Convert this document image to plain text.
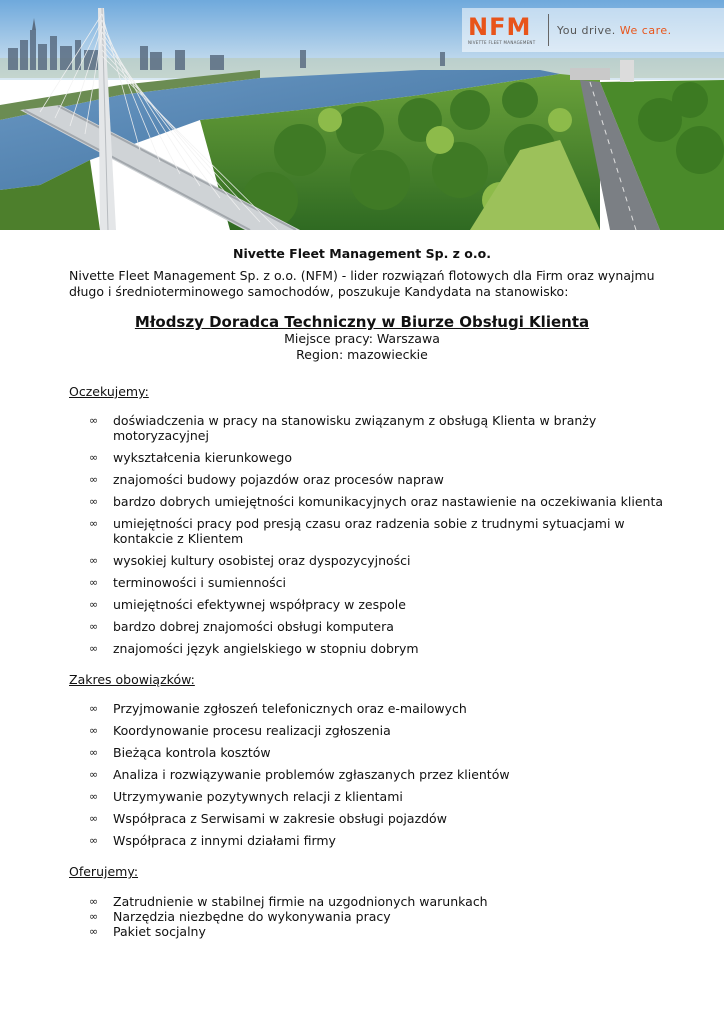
NFM
NIVETTE FLEET MANAGEMENT
You drive. We care.

Nivette Fleet Management Sp. z o.o.

Nivette Fleet Management Sp. z o.o. (NFM) - lider rozwiązań flotowych dla Firm oraz wynajmu długo i średnioterminowego samochodów, poszukuje Kandydata na stanowisko:
Młodszy Doradca Techniczny w Biurze Obsługi Klienta
Miejsce pracy: Warszawa
Region: mazowieckie
Oczekujemy:
∞ doświadczenia w pracy na stanowisku związanym z obsługą Klienta w branży motoryzacyjnej
∞ wykształcenia kierunkowego
∞ znajomości budowy pojazdów oraz procesów napraw
∞ bardzo dobrych umiejętności komunikacyjnych oraz nastawienie na oczekiwania klienta
∞ umiejętności pracy pod presją czasu oraz radzenia sobie z trudnymi sytuacjami w kontakcie z Klientem
∞ wysokiej kultury osobistej oraz dyspozycyjności
∞ terminowości i sumienności
∞ umiejętności efektywnej współpracy w zespole
∞ bardzo dobrej znajomości obsługi komputera
∞ znajomości język angielskiego w stopniu dobrym
Zakres obowiązków:
∞ Przyjmowanie zgłoszeń telefonicznych oraz e-mailowych
∞ Koordynowanie procesu realizacji zgłoszenia
∞ Bieżąca kontrola kosztów
∞ Analiza i rozwiązywanie problemów zgłaszanych przez klientów
∞ Utrzymywanie pozytywnych relacji z klientami
∞ Współpraca z Serwisami w zakresie obsługi pojazdów
∞ Współpraca z innymi działami firmy
Oferujemy:
∞ Zatrudnienie w stabilnej firmie na uzgodnionych warunkach
∞ Narzędzia niezbędne do wykonywania pracy
∞ Pakiet socjalny
